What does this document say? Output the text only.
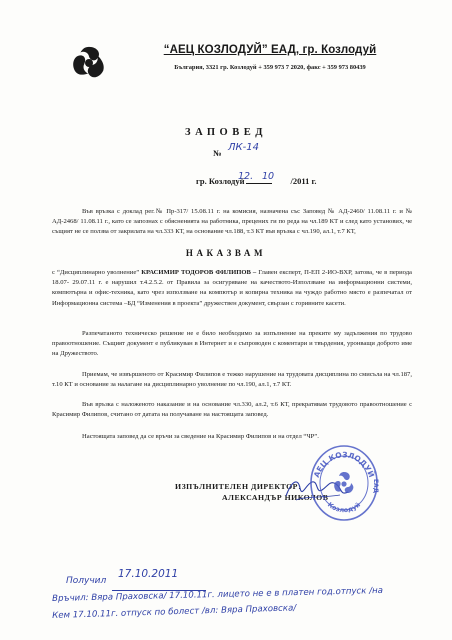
“АЕЦ КОЗЛОДУЙ” ЕАД, гр. Козлодуй
България, 3321 гр. Козлодуй + 359 973 7 2020, факс + 359 973 80439
ЗАПОВЕД
№ ЛК-14
гр. Козлодуй	/2011 г.
12. 10

Във връзка с доклад рег.№ Пр-317/ 15.08.11 г. на комисия, назначена със Заповед № АД-2460/ 11.08.11 г. и № АД-2468/ 11.08.11 г., като се запознах с обясненията на работника, прецених ги по реда на чл.189 КТ и след като установих, че същият не се ползва от закрилата на чл.333 КТ, на основание чл.188, т.3 КТ във връзка с чл.190, ал.1, т.7 КТ,

НАКАЗВАМ

с “Дисциплинарно уволнение” КРАСИМИР ТОДОРОВ ФИЛИПОВ – Главен експерт, П-ЕП 2-ИО-ВХР, затова, че в периода 18.07- 29.07.11 г. е нарушил т.4.2.5.2. от Правила за осигуряване на качеството-Използване на информационни системи, компютърна и офис-техника, като чрез използване на компютър и копирна техника на чуждо работно място е разпечатал от Информационна система –БД “Изменения в проекта” дружествен документ, свързан с горивните касети.

Разпечатаното техническо решение не е било необходимо за изпълнение на преките му задължения по трудово правоотношение. Същият документ е публикуван в Интернет и е съпроводен с коментари и твърдения, уронващи доброто име на Дружеството.

Приемам, че извършеното от Красимир Филипов е тежко нарушение на трудовата дисциплина по смисъла на чл.187, т.10 КТ и основание за налагане на дисциплинарно уволнение по чл.190, ал.1, т.7 КТ.

Във връзка с наложеното наказание и на основание чл.330, ал.2, т.6 КТ, прекратявам трудовото правоотношение с Красимир Филипов, считано от датата на получаване на настоящата заповед.

Настоящата заповед да се връчи за сведение на Красимир Филипов и на отдел “ЧР”.

ИЗПЪЛНИТЕЛЕН ДИРЕКТОР:
АЛЕКСАНДЪР НИКОЛОВ
АЕЦ КОЗЛОДУЙ
Козлодуй
ЕАД
Получил
17.10.2011
Връчил: Вяра Праховска/ 17.10.11г. лицето не е в платен год.отпуск /на
Кем 17.10.11г. отпуск по болест /вл: Вяра Праховска/
